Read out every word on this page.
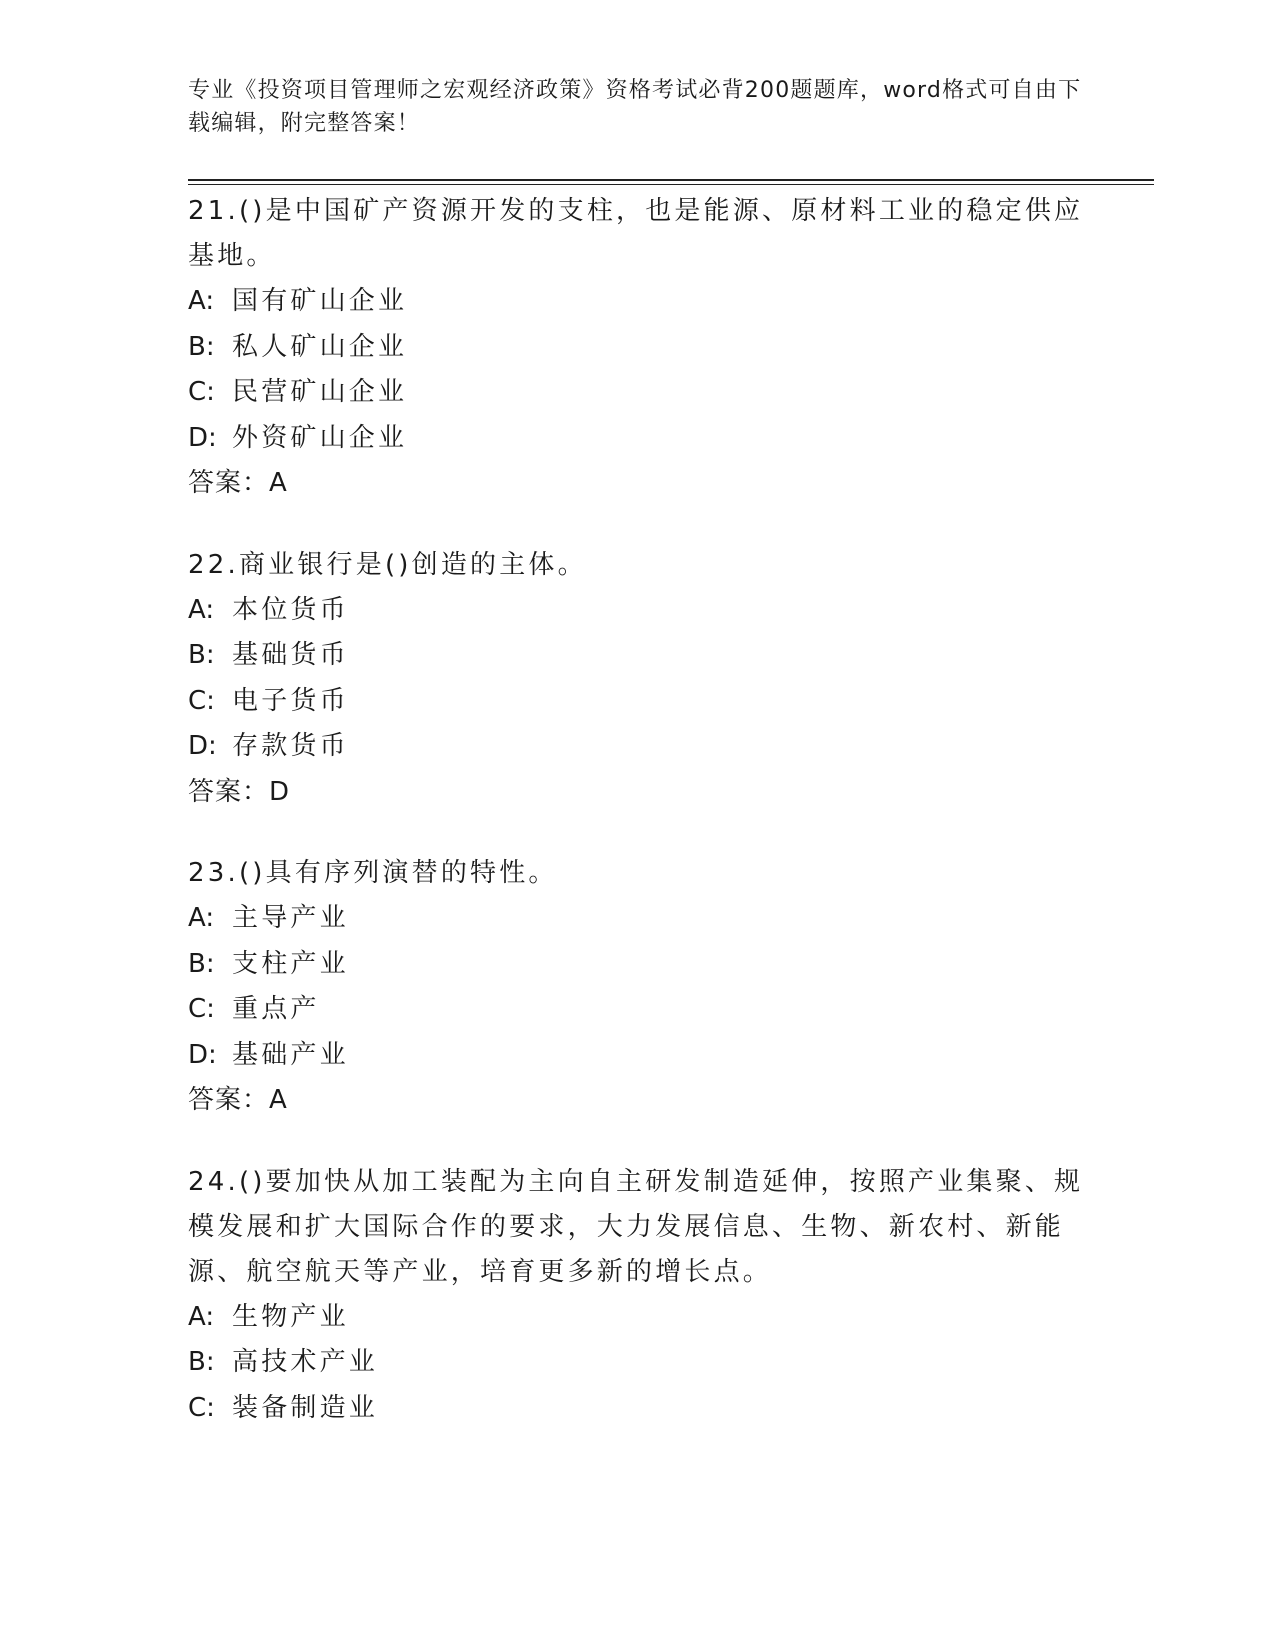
专业《投资项目管理师之宏观经济政策》资格考试必背200题题库，word格式可自由下载编辑，附完整答案！
21.()是中国矿产资源开发的支柱，也是能源、原材料工业的稳定供应基地。
A: 国有矿山企业
B: 私人矿山企业
C: 民营矿山企业
D: 外资矿山企业
答案：A
22.商业银行是()创造的主体。
A: 本位货币
B: 基础货币
C: 电子货币
D: 存款货币
答案：D
23.()具有序列演替的特性。
A: 主导产业
B: 支柱产业
C: 重点产
D: 基础产业
答案：A
24.()要加快从加工装配为主向自主研发制造延伸，按照产业集聚、规模发展和扩大国际合作的要求，大力发展信息、生物、新农村、新能源、航空航天等产业，培育更多新的增长点。
A: 生物产业
B: 高技术产业
C: 装备制造业
